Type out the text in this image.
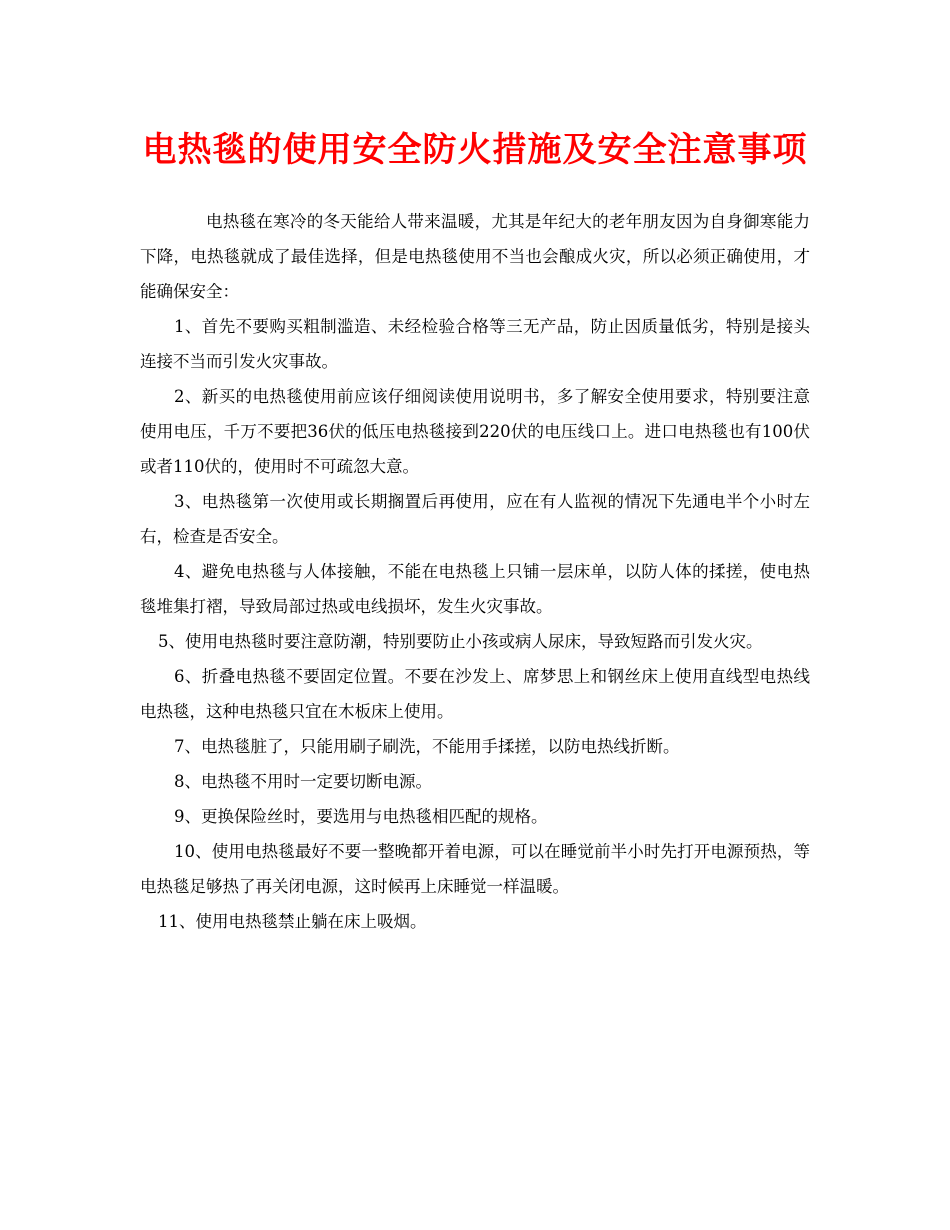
电热毯的使用安全防火措施及安全注意事项

电热毯在寒冷的冬天能给人带来温暖，尤其是年纪大的老年朋友因为自身御寒能力下降，电热毯就成了最佳选择，但是电热毯使用不当也会酿成火灾，所以必须正确使用，才能确保安全：

1、首先不要购买粗制滥造、未经检验合格等三无产品，防止因质量低劣，特别是接头连接不当而引发火灾事故。

2、新买的电热毯使用前应该仔细阅读使用说明书，多了解安全使用要求，特别要注意使用电压，千万不要把36伏的低压电热毯接到220伏的电压线口上。进口电热毯也有100伏或者110伏的，使用时不可疏忽大意。

3、电热毯第一次使用或长期搁置后再使用，应在有人监视的情况下先通电半个小时左右，检查是否安全。

4、避免电热毯与人体接触，不能在电热毯上只铺一层床单，以防人体的揉搓，使电热毯堆集打褶，导致局部过热或电线损坏，发生火灾事故。

5、使用电热毯时要注意防潮，特别要防止小孩或病人尿床，导致短路而引发火灾。

6、折叠电热毯不要固定位置。不要在沙发上、席梦思上和钢丝床上使用直线型电热线电热毯，这种电热毯只宜在木板床上使用。

7、电热毯脏了，只能用刷子刷洗，不能用手揉搓，以防电热线折断。

8、电热毯不用时一定要切断电源。

9、更换保险丝时，要选用与电热毯相匹配的规格。

10、使用电热毯最好不要一整晚都开着电源，可以在睡觉前半小时先打开电源预热，等电热毯足够热了再关闭电源，这时候再上床睡觉一样温暖。

11、使用电热毯禁止躺在床上吸烟。
